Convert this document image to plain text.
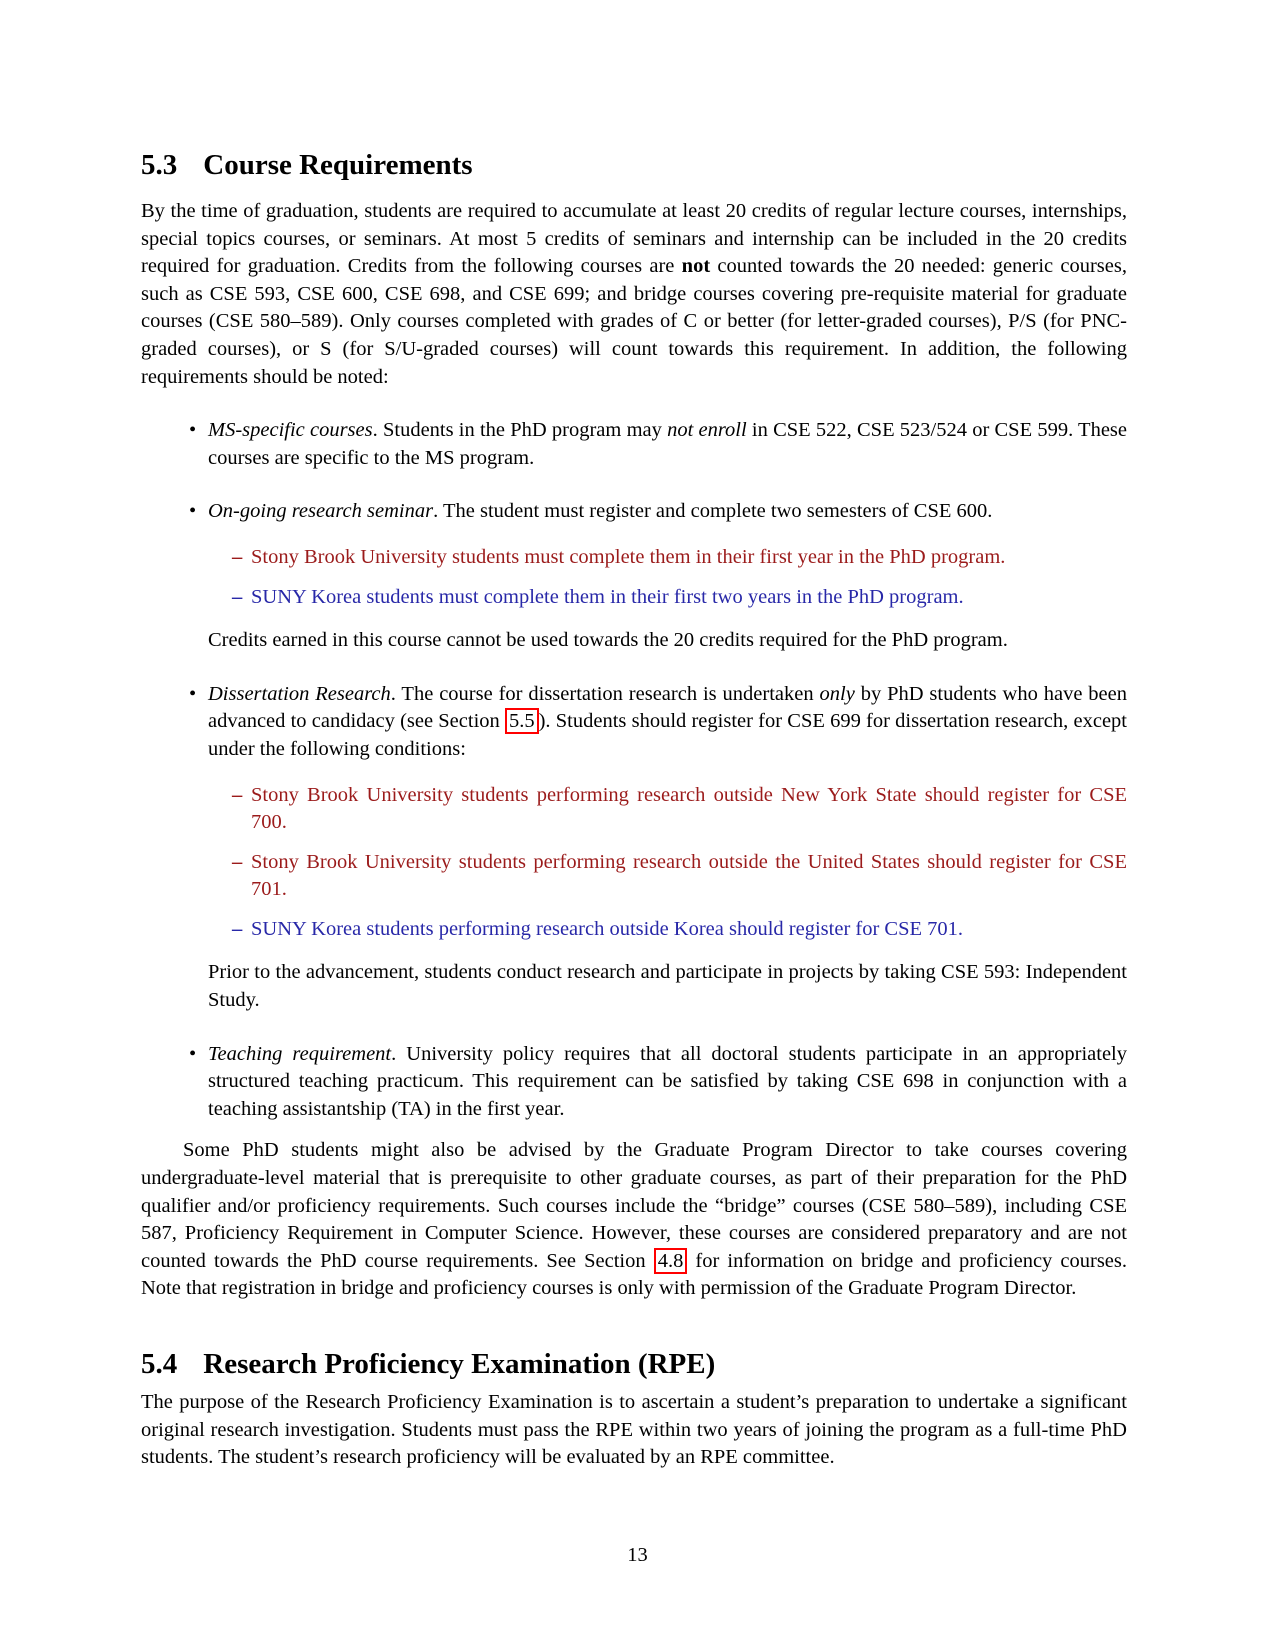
5.3 Course Requirements

By the time of graduation, students are required to accumulate at least 20 credits of regular lecture courses, internships, special topics courses, or seminars. At most 5 credits of seminars and internship can be included in the 20 credits required for graduation. Credits from the following courses are not counted towards the 20 needed: generic courses, such as CSE 593, CSE 600, CSE 698, and CSE 699; and bridge courses covering pre-requisite material for graduate courses (CSE 580–589). Only courses completed with grades of C or better (for letter-graded courses), P/S (for PNC-graded courses), or S (for S/U-graded courses) will count towards this requirement. In addition, the following requirements should be noted:

• MS-specific courses. Students in the PhD program may not enroll in CSE 522, CSE 523/524 or CSE 599. These courses are specific to the MS program.

• On-going research seminar. The student must register and complete two semesters of CSE 600.

– Stony Brook University students must complete them in their first year in the PhD program.

– SUNY Korea students must complete them in their first two years in the PhD program.

Credits earned in this course cannot be used towards the 20 credits required for the PhD program.

• Dissertation Research. The course for dissertation research is undertaken only by PhD students who have been advanced to candidacy (see Section 5.5 ). Students should register for CSE 699 for dissertation research, except under the following conditions:

– Stony Brook University students performing research outside New York State should register for CSE 700.

– Stony Brook University students performing research outside the United States should register for CSE 701.

– SUNY Korea students performing research outside Korea should register for CSE 701.

Prior to the advancement, students conduct research and participate in projects by taking CSE 593: Independent Study.

• Teaching requirement. University policy requires that all doctoral students participate in an appropriately structured teaching practicum. This requirement can be satisfied by taking CSE 698 in conjunction with a teaching assistantship (TA) in the first year.

Some PhD students might also be advised by the Graduate Program Director to take courses covering undergraduate-level material that is prerequisite to other graduate courses, as part of their preparation for the PhD qualifier and/or proficiency requirements. Such courses include the “bridge” courses (CSE 580–589), including CSE 587, Proficiency Requirement in Computer Science. However, these courses are considered preparatory and are not counted towards the PhD course requirements. See Section 4.8 for information on bridge and proficiency courses. Note that registration in bridge and proficiency courses is only with permission of the Graduate Program Director.

5.4 Research Proficiency Examination (RPE)

The purpose of the Research Proficiency Examination is to ascertain a student’s preparation to undertake a significant original research investigation. Students must pass the RPE within two years of joining the program as a full-time PhD students. The student’s research proficiency will be evaluated by an RPE committee.

13
